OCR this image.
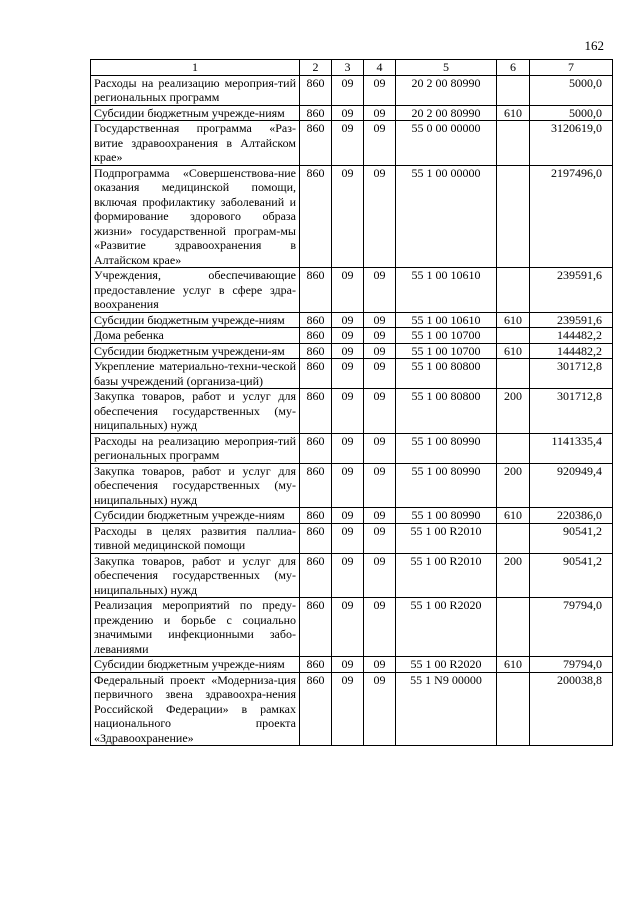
162
1	2	3	4	5	6	7
Расходы на реализацию мероприя-тий региональных программ	860	09	09	20 2 00 80990		5000,0
Субсидии бюджетным учрежде-ниям	860	09	09	20 2 00 80990	610	5000,0
Государственная программа «Раз-витие здравоохранения в Алтайском крае»	860	09	09	55 0 00 00000		3120619,0
Подпрограмма «Совершенствова-ние оказания медицинской помощи, включая профилактику заболеваний и формирование здорового образа жизни» государственной програм-мы «Развитие здравоохранения в Алтайском крае»	860	09	09	55 1 00 00000		2197496,0
Учреждения, обеспечивающие предоставление услуг в сфере здра-воохранения	860	09	09	55 1 00 10610		239591,6
Субсидии бюджетным учрежде-ниям	860	09	09	55 1 00 10610	610	239591,6
Дома ребенка	860	09	09	55 1 00 10700		144482,2
Субсидии бюджетным учреждени-ям	860	09	09	55 1 00 10700	610	144482,2
Укрепление материально-техни-ческой базы учреждений (организа-ций)	860	09	09	55 1 00 80800		301712,8
Закупка товаров, работ и услуг для обеспечения государственных (му-ниципальных) нужд	860	09	09	55 1 00 80800	200	301712,8
Расходы на реализацию мероприя-тий региональных программ	860	09	09	55 1 00 80990		1141335,4
Закупка товаров, работ и услуг для обеспечения государственных (му-ниципальных) нужд	860	09	09	55 1 00 80990	200	920949,4
Субсидии бюджетным учрежде-ниям	860	09	09	55 1 00 80990	610	220386,0
Расходы в целях развития паллиа-тивной медицинской помощи	860	09	09	55 1 00 R2010		90541,2
Закупка товаров, работ и услуг для обеспечения государственных (му-ниципальных) нужд	860	09	09	55 1 00 R2010	200	90541,2
Реализация мероприятий по преду-преждению и борьбе с социально значимыми инфекционными забо-леваниями	860	09	09	55 1 00 R2020		79794,0
Субсидии бюджетным учрежде-ниям	860	09	09	55 1 00 R2020	610	79794,0
Федеральный проект «Модерниза-ция первичного звена здравоохра-нения Российской Федерации» в рамках национального проекта «Здравоохранение»	860	09	09	55 1 N9 00000		200038,8
